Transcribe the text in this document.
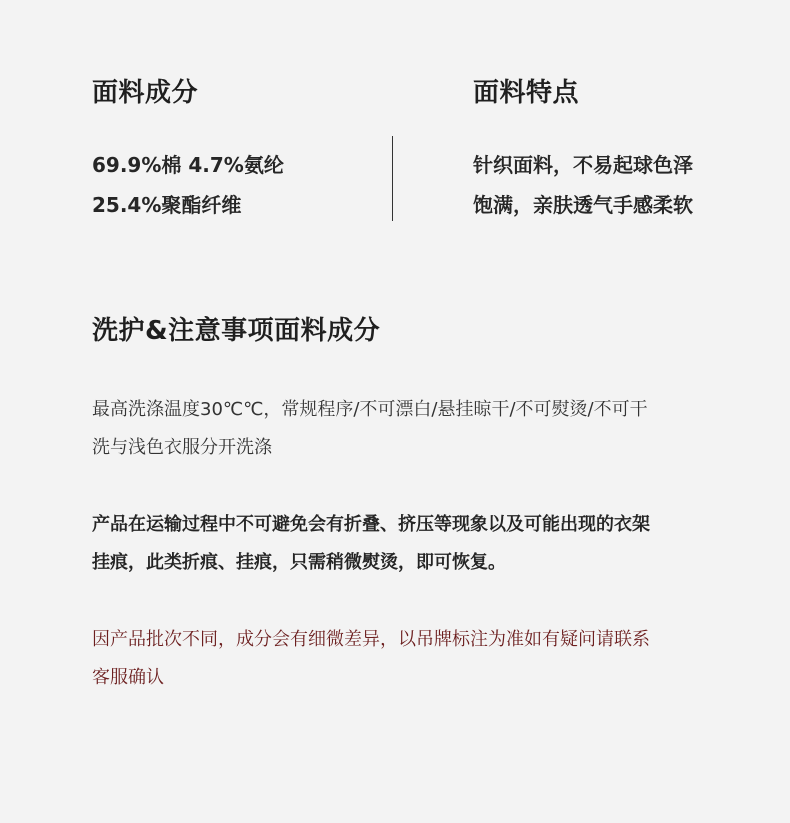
面料成分
69.9%棉 4.7%氨纶
25.4%聚酯纤维
面料特点
针织面料，不易起球色泽
饱满，亲肤透气手感柔软
洗护&注意事项面料成分
最高洗涤温度30℃℃，常规程序/不可漂白/悬挂晾干/不可熨烫/不可干
洗与浅色衣服分开洗涤
产品在运输过程中不可避免会有折叠、挤压等现象以及可能出现的衣架
挂痕，此类折痕、挂痕，只需稍微熨烫，即可恢复。
因产品批次不同，成分会有细微差异，以吊牌标注为准如有疑问请联系
客服确认
